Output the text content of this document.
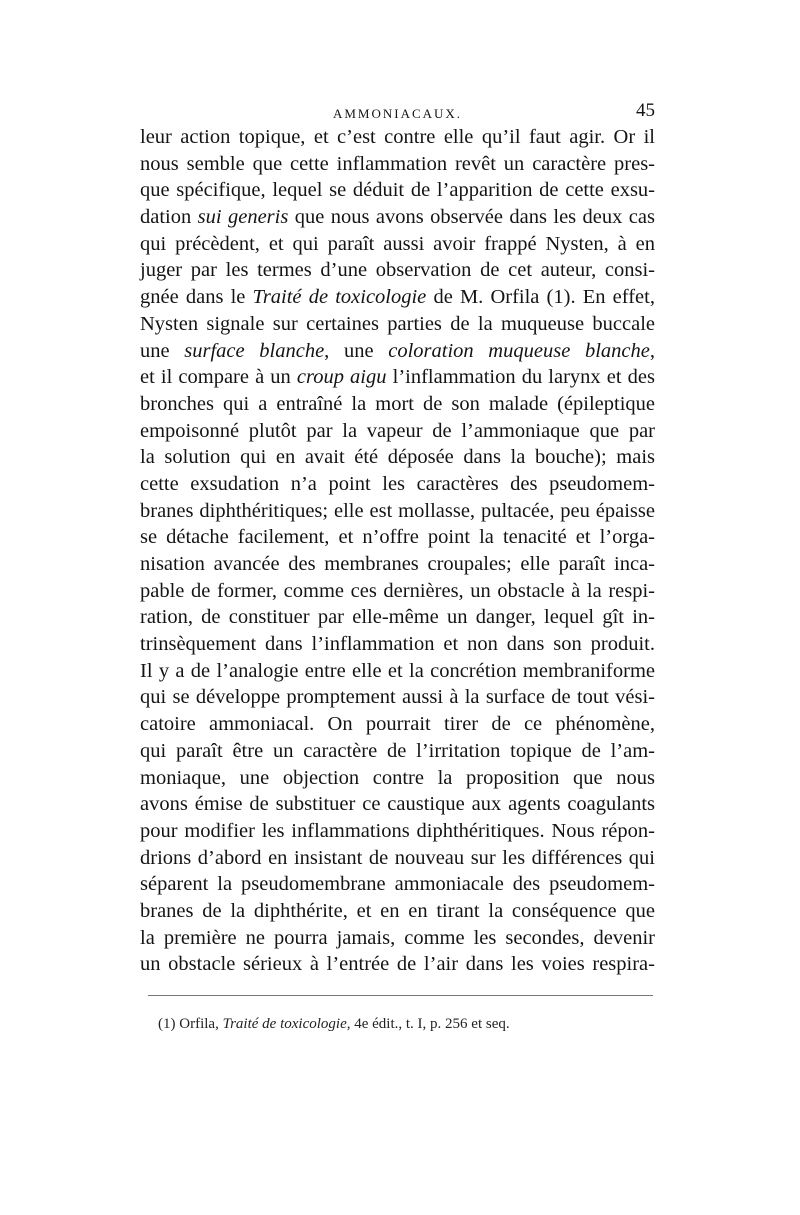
AMMONIACAUX.	45
leur action topique, et c’est contre elle qu’il faut agir. Or il
nous semble que cette inflammation revêt un caractère pres-
que spécifique, lequel se déduit de l’apparition de cette exsu-
dation sui generis que nous avons observée dans les deux cas
qui précèdent, et qui paraît aussi avoir frappé Nysten, à en
juger par les termes d’une observation de cet auteur, consi-
gnée dans le Traité de toxicologie de M. Orfila (1). En effet,
Nysten signale sur certaines parties de la muqueuse buccale
une surface blanche, une coloration muqueuse blanche,
et il compare à un croup aigu l’inflammation du larynx et des
bronches qui a entraîné la mort de son malade (épileptique
empoisonné plutôt par la vapeur de l’ammoniaque que par
la solution qui en avait été déposée dans la bouche); mais
cette exsudation n’a point les caractères des pseudomem-
branes diphthéritiques; elle est mollasse, pultacée, peu épaisse
se détache facilement, et n’offre point la tenacité et l’orga-
nisation avancée des membranes croupales; elle paraît inca-
pable de former, comme ces dernières, un obstacle à la respi-
ration, de constituer par elle-même un danger, lequel gît in-
trinsèquement dans l’inflammation et non dans son produit.
Il y a de l’analogie entre elle et la concrétion membraniforme
qui se développe promptement aussi à la surface de tout vési-
catoire ammoniacal. On pourrait tirer de ce phénomène,
qui paraît être un caractère de l’irritation topique de l’am-
moniaque, une objection contre la proposition que nous
avons émise de substituer ce caustique aux agents coagulants
pour modifier les inflammations diphthéritiques. Nous répon-
drions d’abord en insistant de nouveau sur les différences qui
séparent la pseudomembrane ammoniacale des pseudomem-
branes de la diphthérite, et en en tirant la conséquence que
la première ne pourra jamais, comme les secondes, devenir
un obstacle sérieux à l’entrée de l’air dans les voies respira-
(1) Orfila, Traité de toxicologie, 4e édit., t. I, p. 256 et seq.
